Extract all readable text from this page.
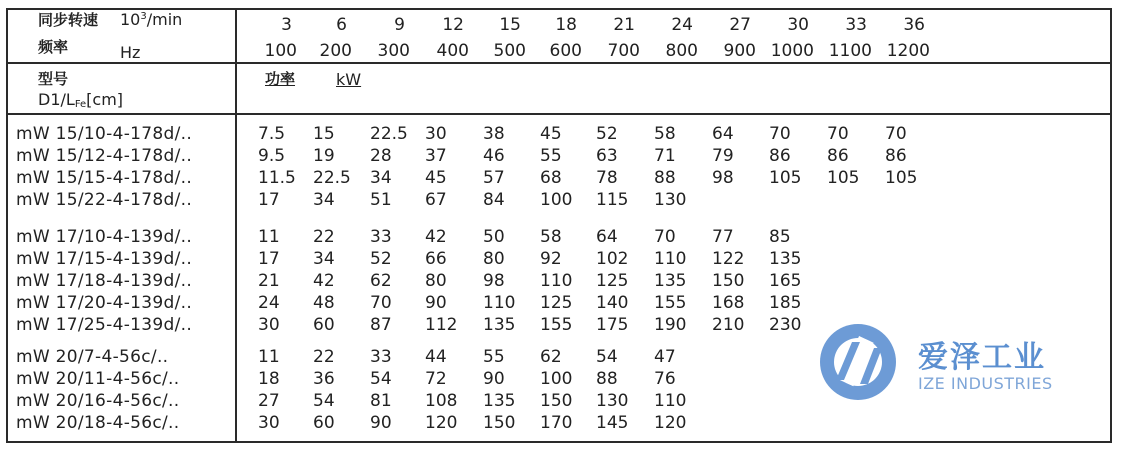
同步转速 $10^3/\min$
频率	Hz
型号
$D1/L_{Fe}[cm]$
功率	kW
3	6	9 12 15 18 21 24 27 30 33 36
100 200 300 400 500 600 700 800 900 1000 1100 1200
mW 15/10-4-178d/..	7.5 15 22.5 30 38 45 52 58 64 70 70 70
mW 15/12-4-178d/..	9.5 19 28 37 46 55 63 71 79 86 86 86
mW 15/15-4-178d/..	11.5 22.5 34 45 57 68 78 88 98 105 105 105
mW 15/22-4-178d/..	17 34 51 67 84 100 115 130
mW 17/10-4-139d/..	11 22 33 42 50 58 64 70 77 85
mW 17/15-4-139d/..	17 34 52 66 80 92 102 110 122 135
mW 17/18-4-139d/..	21 42 62 80 98 110 125 135 150 165
mW 17/20-4-139d/..	24 48 70 90 110 125 140 155 168 185
mW 17/25-4-139d/..	30 60 87 112 135 155 175 190 210 230
mW 20/7-4-56c/..	11 22 33 44 55 62 54 47
mW 20/11-4-56c/..	18 36 54 72 90 100 88 76
mW 20/16-4-56c/..	27 54 81 108 135 150 130 110
mW 20/18-4-56c/..	30 60 90 120 150 170 145 120
爱泽工业
IZE INDUSTRIES
